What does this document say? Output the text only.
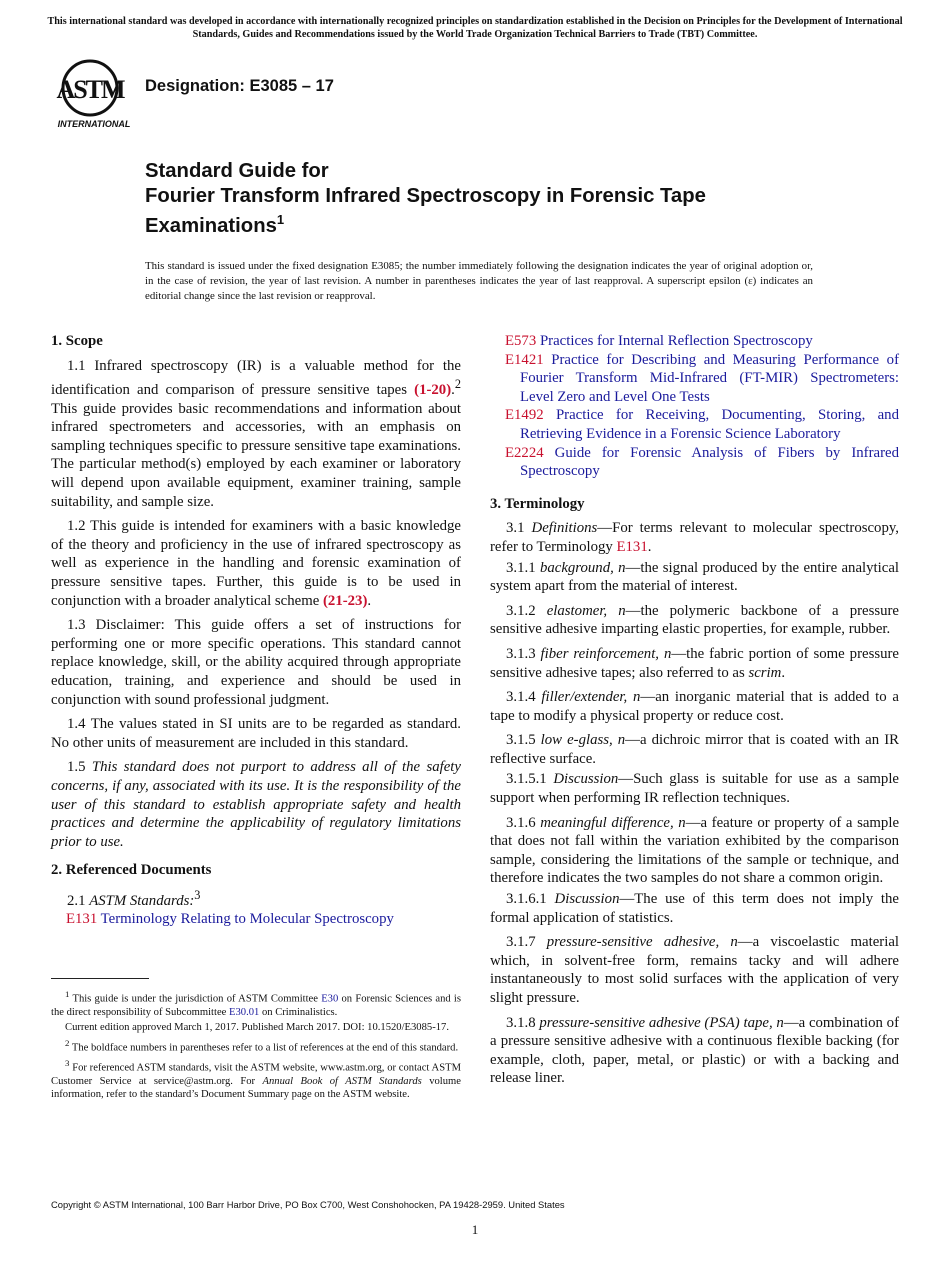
This international standard was developed in accordance with internationally recognized principles on standardization established in the Decision on Principles for the Development of International Standards, Guides and Recommendations issued by the World Trade Organization Technical Barriers to Trade (TBT) Committee.
ASTM
INTERNATIONAL
Designation: E3085 – 17
Standard Guide for
Fourier Transform Infrared Spectroscopy in Forensic Tape
Examinations$^1$
This standard is issued under the fixed designation E3085; the number immediately following the designation indicates the year of original adoption or, in the case of revision, the year of last revision. A number in parentheses indicates the year of last reapproval. A superscript epsilon (ε) indicates an editorial change since the last revision or reapproval.
1. Scope

1.1 Infrared spectroscopy (IR) is a valuable method for the identification and comparison of pressure sensitive tapes (1-20).$^2$ This guide provides basic recommendations and information about infrared spectrometers and accessories, with an emphasis on sampling techniques specific to pressure sensitive tape examinations. The particular method(s) employed by each examiner or laboratory will depend upon available equipment, examiner training, sample suitability, and sample size.

1.2 This guide is intended for examiners with a basic knowledge of the theory and proficiency in the use of infrared spectroscopy as well as experience in the handling and forensic examination of pressure sensitive tapes. Further, this guide is to be used in conjunction with a broader analytical scheme (21-23).

1.3 Disclaimer: This guide offers a set of instructions for performing one or more specific operations. This standard cannot replace knowledge, skill, or the ability acquired through appropriate education, training, and experience and should be used in conjunction with sound professional judgment.

1.4 The values stated in SI units are to be regarded as standard. No other units of measurement are included in this standard.

1.5 This standard does not purport to address all of the safety concerns, if any, associated with its use. It is the responsibility of the user of this standard to establish appropriate safety and health practices and determine the applicability of regulatory limitations prior to use.

2. Referenced Documents

2.1 ASTM Standards:$^3$

E131 Terminology Relating to Molecular Spectroscopy

$^1$ This guide is under the jurisdiction of ASTM Committee E30 on Forensic Sciences and is the direct responsibility of Subcommittee E30.01 on Criminalistics.

Current edition approved March 1, 2017. Published March 2017. DOI: 10.1520/E3085-17.

$^2$ The boldface numbers in parentheses refer to a list of references at the end of this standard.

$^3$ For referenced ASTM standards, visit the ASTM website, www.astm.org, or contact ASTM Customer Service at service@astm.org. For Annual Book of ASTM Standards volume information, refer to the standard’s Document Summary page on the ASTM website.

E573 Practices for Internal Reflection Spectroscopy

E1421 Practice for Describing and Measuring Performance of Fourier Transform Mid-Infrared (FT-MIR) Spectrometers: Level Zero and Level One Tests

E1492 Practice for Receiving, Documenting, Storing, and Retrieving Evidence in a Forensic Science Laboratory

E2224 Guide for Forensic Analysis of Fibers by Infrared Spectroscopy

3. Terminology

3.1 Definitions—For terms relevant to molecular spectroscopy, refer to Terminology E131.

3.1.1 background, n—the signal produced by the entire analytical system apart from the material of interest.

3.1.2 elastomer, n—the polymeric backbone of a pressure sensitive adhesive imparting elastic properties, for example, rubber.

3.1.3 fiber reinforcement, n—the fabric portion of some pressure sensitive adhesive tapes; also referred to as scrim.

3.1.4 filler/extender, n—an inorganic material that is added to a tape to modify a physical property or reduce cost.

3.1.5 low e-glass, n—a dichroic mirror that is coated with an IR reflective surface.

3.1.5.1 Discussion—Such glass is suitable for use as a sample support when performing IR reflection techniques.

3.1.6 meaningful difference, n—a feature or property of a sample that does not fall within the variation exhibited by the comparison sample, considering the limitations of the sample or technique, and therefore indicates the two samples do not share a common origin.

3.1.6.1 Discussion—The use of this term does not imply the formal application of statistics.

3.1.7 pressure-sensitive adhesive, n—a viscoelastic material which, in solvent-free form, remains tacky and will adhere instantaneously to most solid surfaces with the application of very slight pressure.

3.1.8 pressure-sensitive adhesive (PSA) tape, n—a combination of a pressure sensitive adhesive with a continuous flexible backing (for example, cloth, paper, metal, or plastic) or with a backing and release liner.

Copyright © ASTM International, 100 Barr Harbor Drive, PO Box C700, West Conshohocken, PA 19428-2959. United States
1
